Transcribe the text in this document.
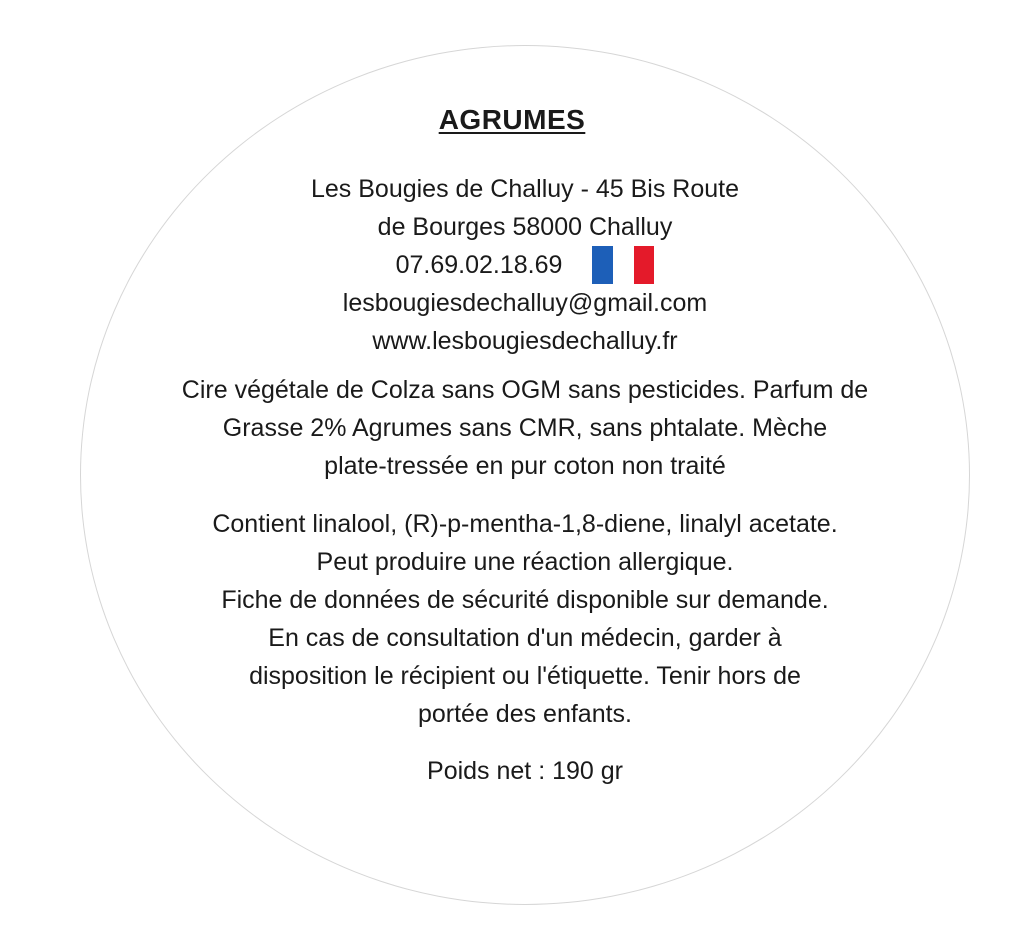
AGRUMES
Les Bougies de Challuy - 45 Bis Route
de Bourges 58000 Challuy
07.69.02.18.69
lesbougiesdechalluy@gmail.com
www.lesbougiesdechalluy.fr
Cire végétale de Colza sans OGM sans pesticides. Parfum de
Grasse 2% Agrumes sans CMR, sans phtalate. Mèche
plate-tressée en pur coton non traité
Contient linalool, (R)-p-mentha-1,8-diene, linalyl acetate.
Peut produire une réaction allergique.
Fiche de données de sécurité disponible sur demande.
En cas de consultation d'un médecin, garder à
disposition le récipient ou l'étiquette. Tenir hors de
portée des enfants.
Poids net : 190 gr
